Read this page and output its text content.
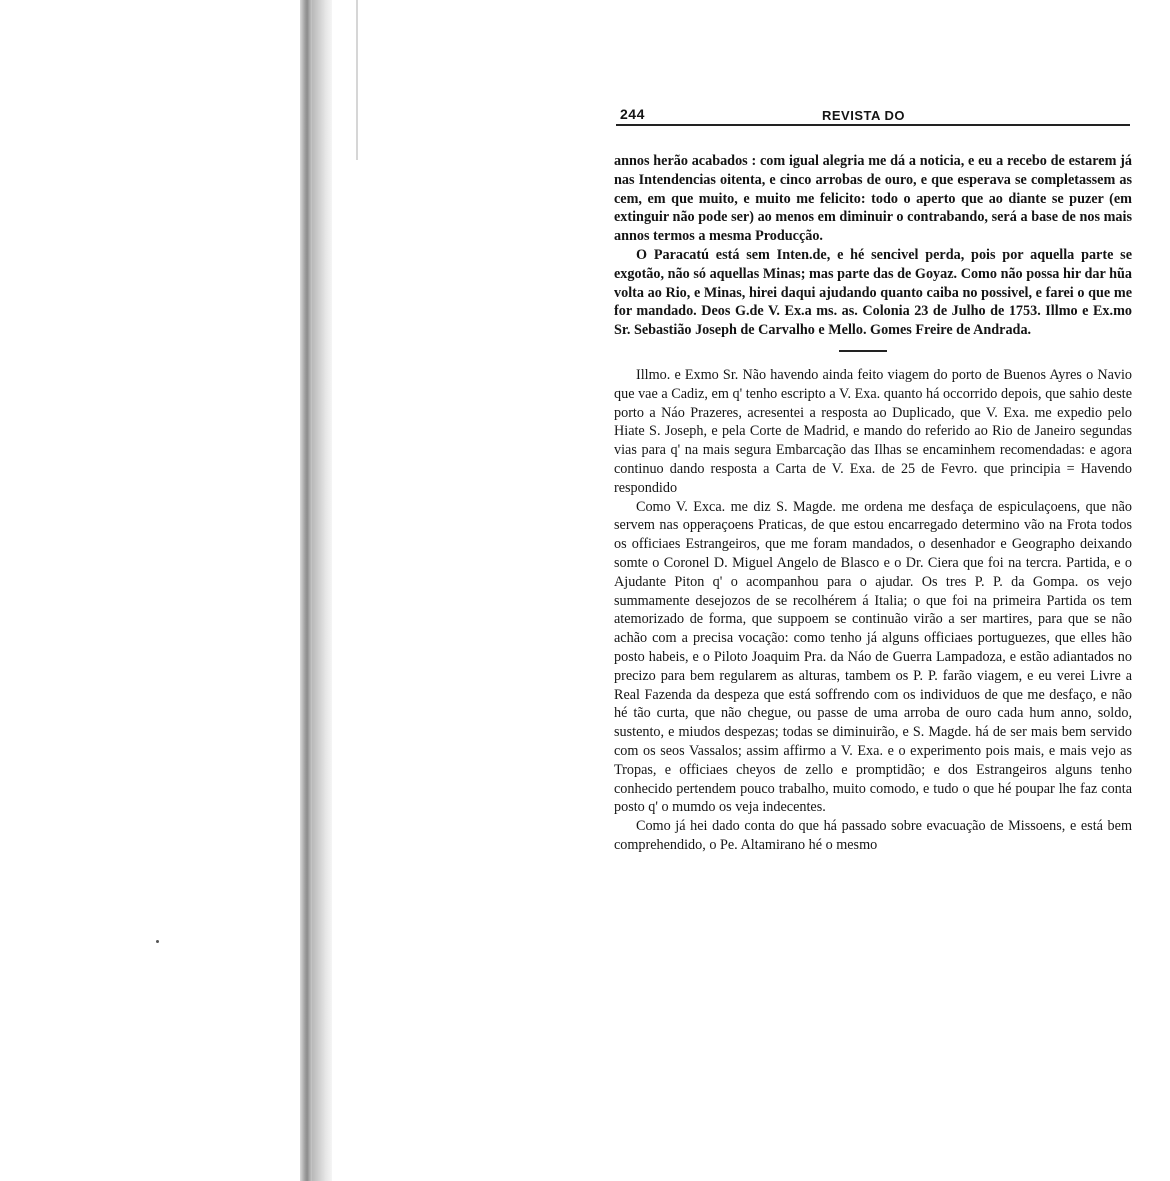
244	REVISTA DO

annos herão acabados : com igual alegria me dá a noticia, e eu a recebo de estarem já nas Intendencias oitenta, e cinco arrobas de ouro, e que esperava se completassem as cem, em que muito, e muito me felicito: todo o aperto que ao diante se puzer (em extinguir não pode ser) ao menos em diminuir o contrabando, será a base de nos mais annos termos a mesma Producção.

O Paracatú está sem Inten.de, e hé sencivel perda, pois por aquella parte se exgotão, não só aquellas Minas; mas parte das de Goyaz. Como não possa hir dar hũa volta ao Rio, e Minas, hirei daqui ajudando quanto caiba no possivel, e farei o que me for mandado. Deos G.de V. Ex.a ms. as. Colonia 23 de Julho de 1753. Illmo e Ex.mo Sr. Sebastião Joseph de Carvalho e Mello. Gomes Freire de Andrada.

Illmo. e Exmo Sr. Não havendo ainda feito viagem do porto de Buenos Ayres o Navio que vae a Cadiz, em q' tenho escripto a V. Exa. quanto há occorrido depois, que sahio deste porto a Náo Prazeres, acresentei a resposta ao Duplicado, que V. Exa. me expedio pelo Hiate S. Joseph, e pela Corte de Madrid, e mando do referido ao Rio de Janeiro segundas vias para q' na mais segura Embarcação das Ilhas se encaminhem recomendadas: e agora continuo dando resposta a Carta de V. Exa. de 25 de Fevro. que principia = Havendo respondido

Como V. Exca. me diz S. Magde. me ordena me desfaça de espiculaçoens, que não servem nas opperaçoens Praticas, de que estou encarregado determino vão na Frota todos os officiaes Estrangeiros, que me foram mandados, o desenhador e Geographo deixando somte o Coronel D. Miguel Angelo de Blasco e o Dr. Ciera que foi na tercra. Partida, e o Ajudante Piton q' o acompanhou para o ajudar. Os tres P. P. da Gompa. os vejo summamente desejozos de se recolhérem á Italia; o que foi na primeira Partida os tem atemorizado de forma, que suppoem se continuão virão a ser martires, para que se não achão com a precisa vocação: como tenho já alguns officiaes portuguezes, que elles hão posto habeis, e o Piloto Joaquim Pra. da Náo de Guerra Lampadoza, e estão adiantados no precizo para bem regularem as alturas, tambem os P. P. farão viagem, e eu verei Livre a Real Fazenda da despeza que está soffrendo com os individuos de que me desfaço, e não hé tão curta, que não chegue, ou passe de uma arroba de ouro cada hum anno, soldo, sustento, e miudos despezas; todas se diminuirão, e S. Magde. há de ser mais bem servido com os seos Vassalos; assim affirmo a V. Exa. e o experimento pois mais, e mais vejo as Tropas, e officiaes cheyos de zello e promptidão; e dos Estrangeiros alguns tenho conhecido pertendem pouco trabalho, muito comodo, e tudo o que hé poupar lhe faz conta posto q' o mumdo os veja indecentes.

Como já hei dado conta do que há passado sobre evacuação de Missoens, e está bem comprehendido, o Pe. Altamirano hé o mesmo
